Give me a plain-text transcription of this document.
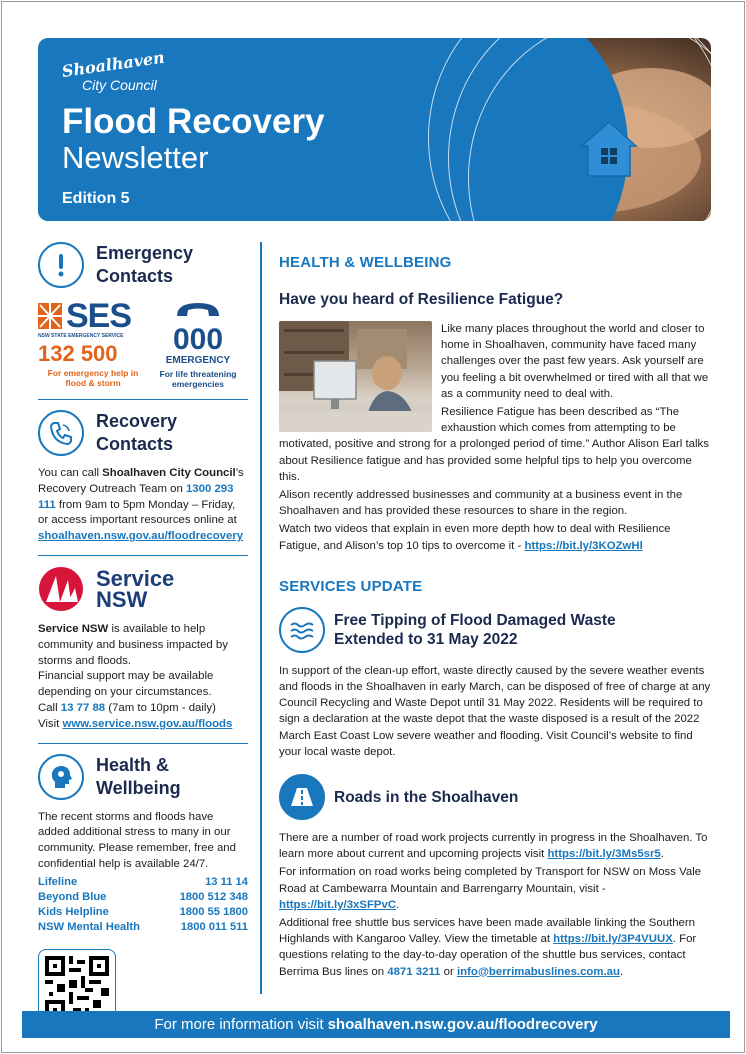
Shoalhaven
City Council
Flood Recovery
Newsletter
Edition 5
Emergency
Contacts
SES
NSW STATE EMERGENCY SERVICE
132 500
For emergency help in flood & storm
000
EMERGENCY
For life threatening emergencies
Recovery
Contacts
You can call Shoalhaven City Council’s Recovery Outreach Team on 1300 293 111 from 9am to 5pm Monday – Friday, or access important resources online at shoalhaven.nsw.gov.au/floodrecovery
Service
NSW
Service NSW is available to help community and business impacted by storms and floods.
Financial support may be available depending on your circumstances.
Call 13 77 88 (7am to 10pm - daily)
Visit www.service.nsw.gov.au/floods
Health &
Wellbeing
The recent storms and floods have added additional stress to many in our community. Please remember, free and confidential help is available 24/7.
Lifeline	13 11 14
Beyond Blue	1800 512 348
Kids Helpline	1800 55 1800
NSW Mental Health	1800 011 511
HEALTH & WELLBEING
Have you heard of Resilience Fatigue?

Like many places throughout the world and closer to home in Shoalhaven, community have faced many challenges over the past few years. Ask yourself are you feeling a bit overwhelmed or tired with all that we as a community need to deal with.

Resilience Fatigue has been described as “The exhaustion which comes from attempting to be motivated, positive and strong for a prolonged period of time.” Author Alison Earl talks about Resilience fatigue and has provided some helpful tips to help you overcome this.

Alison recently addressed businesses and community at a business event in the Shoalhaven and has provided these resources to share in the region.

Watch two videos that explain in even more depth how to deal with Resilience Fatigue, and Alison’s top 10 tips to overcome it - https://bit.ly/3KOZwHl

SERVICES UPDATE
Free Tipping of Flood Damaged Waste
Extended to 31 May 2022
In support of the clean-up effort, waste directly caused by the severe weather events and floods in the Shoalhaven in early March, can be disposed of free of charge at any Council Recycling and Waste Depot until 31 May 2022. Residents will be required to sign a declaration at the waste depot that the waste disposed is a result of the 2022 March East Coast Low severe weather and flooding. Visit Council’s website to find your local waste depot.
Roads in the Shoalhaven

There are a number of road work projects currently in progress in the Shoalhaven. To learn more about current and upcoming projects visit https://bit.ly/3Ms5sr5.

For information on road works being completed by Transport for NSW on Moss Vale Road at Cambewarra Mountain and Barrengarry Mountain, visit - https://bit.ly/3xSFPvC.

Additional free shuttle bus services have been made available linking the Southern Highlands with Kangaroo Valley. View the timetable at https://bit.ly/3P4VUUX. For questions relating to the day-to-day operation of the shuttle bus services, contact Berrima Bus lines on 4871 3211 or info@berrimabuslines.com.au.

For more information visit shoalhaven.nsw.gov.au/floodrecovery
